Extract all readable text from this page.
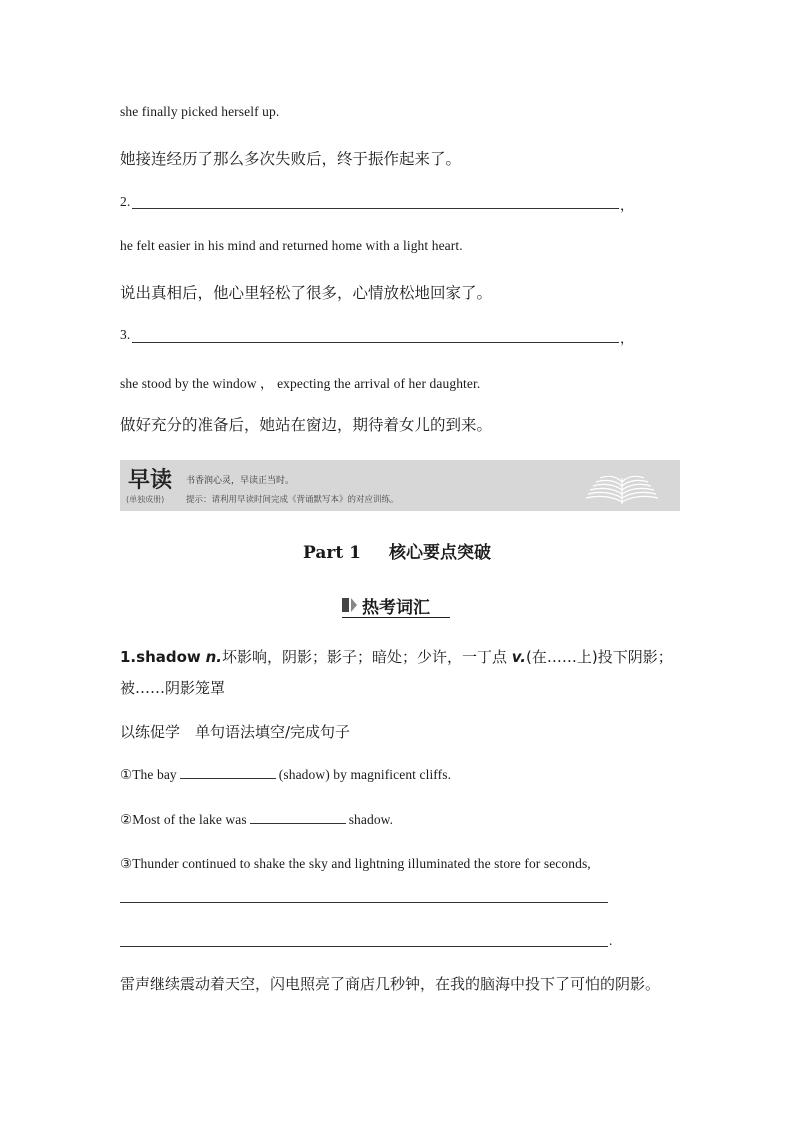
she finally picked herself up.
她接连经历了那么多次失败后，终于振作起来了。
2.	，
he felt easier in his mind and returned home with a light heart.
说出真相后，他心里轻松了很多，心情放松地回家了。
3.	，
she stood by the window ， expecting the arrival of her daughter.
做好充分的准备后，她站在窗边，期待着女儿的到来。
早读
(单独成册)
书香润心灵，早读正当时。
提示：请利用早读时间完成《背诵默写本》的对应训练。
Part 1 核心要点突破
热考词汇
1.shadow n.坏影响，阴影；影子；暗处；少许，一丁点 v.(在……上)投下阴影；
被……阴影笼罩
以练促学　单句语法填空/完成句子
①The bay	(shadow) by magnificent cliffs.
②Most of the lake was	shadow.
③Thunder continued to shake the sky and lightning illuminated the store for seconds,
.
雷声继续震动着天空，闪电照亮了商店几秒钟，在我的脑海中投下了可怕的阴影。
